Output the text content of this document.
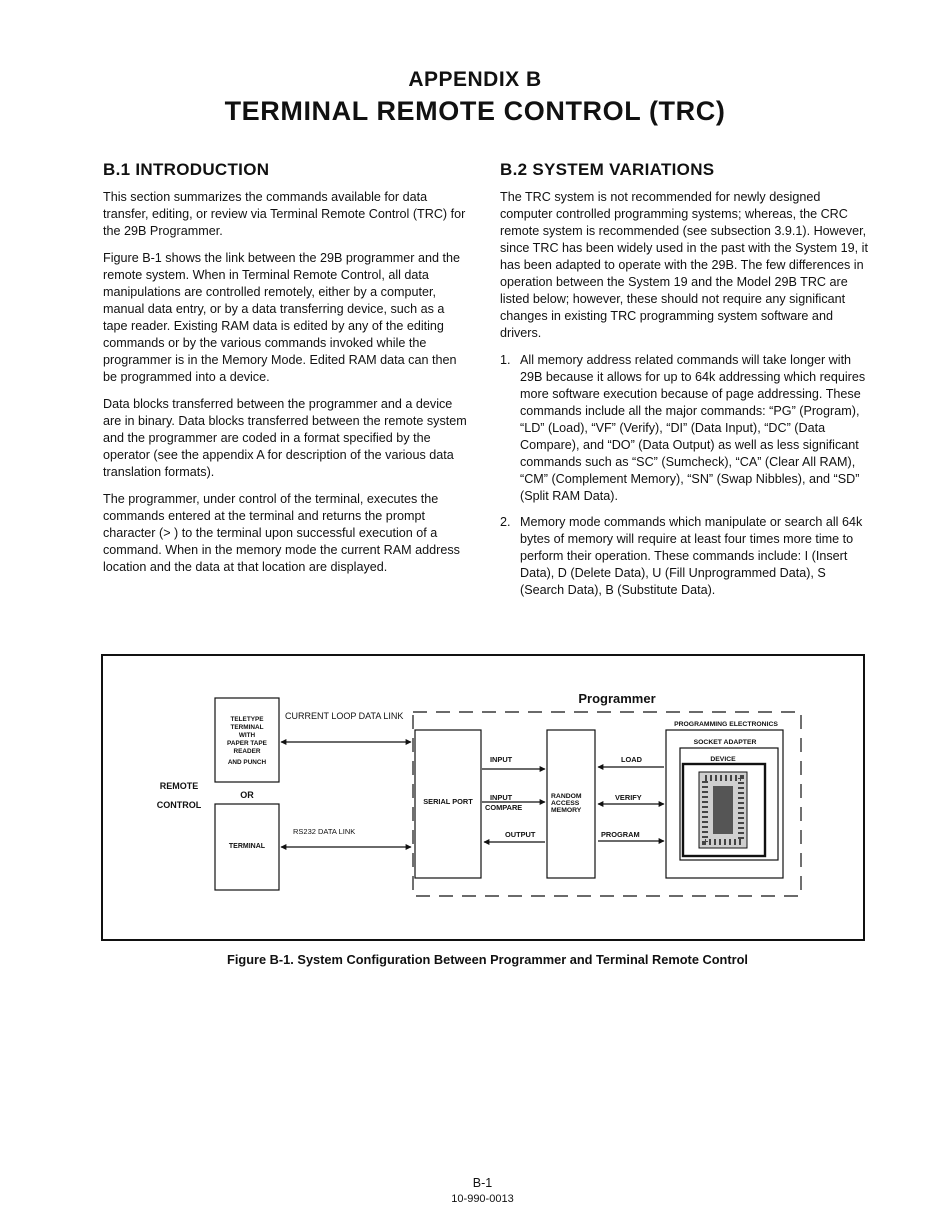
APPENDIX B
TERMINAL REMOTE CONTROL (TRC)
B.1 INTRODUCTION

This section summarizes the commands available for data transfer, editing, or review via Terminal Remote Control (TRC) for the 29B Programmer.

Figure B-1 shows the link between the 29B programmer and the remote system. When in Terminal Remote Control, all data manipulations are controlled remotely, either by a computer, manual data entry, or by a data transferring device, such as a tape reader. Existing RAM data is edited by any of the editing commands or by the various commands invoked while the programmer is in the Memory Mode. Edited RAM data can then be programmed into a device.

Data blocks transferred between the programmer and a device are in binary. Data blocks transferred between the remote system and the programmer are coded in a format specified by the operator (see the appendix A for description of the various data translation formats).

The programmer, under control of the terminal, executes the commands entered at the terminal and returns the prompt character (> ) to the terminal upon successful execution of a command. When in the memory mode the current RAM address location and the data at that location are displayed.

B.2 SYSTEM VARIATIONS

The TRC system is not recommended for newly designed computer controlled programming systems; whereas, the CRC remote system is recommended (see subsection 3.9.1). However, since TRC has been widely used in the past with the System 19, it has been adapted to operate with the 29B. The few differences in operation between the System 19 and the Model 29B TRC are listed below; however, these should not require any significant changes in existing TRC programming system software and drivers.

1. All memory address related commands will take longer with 29B because it allows for up to 64k addressing which requires more software execution because of page addressing. These commands include all the major commands: “PG” (Program), “LD” (Load), “VF” (Verify), “DI” (Data Input), “DC” (Data Compare), and “DO” (Data Output) as well as less significant commands such as “SC” (Sumcheck), “CA” (Clear All RAM), “CM” (Complement Memory), “SN” (Swap Nibbles), and “SD” (Split RAM Data).
2. Memory mode commands which manipulate or search all 64k bytes of memory will require at least four times more time to perform their operation. These commands include: I (Insert Data), D (Delete Data), U (Fill Unprogrammed Data), S (Search Data), B (Substitute Data).
Programmer
REMOTE
CONTROL
TELETYPE
TERMINAL
WITH
PAPER TAPE
READER
AND PUNCH
OR
TERMINAL
CURRENT LOOP DATA LINK
RS232 DATA LINK
SERIAL PORT
INPUT
INPUT
COMPARE
OUTPUT
RANDOM
ACCESS
MEMORY
LOAD
VERIFY
PROGRAM
PROGRAMMING ELECTRONICS
SOCKET ADAPTER
DEVICE
Figure B-1. System Configuration Between Programmer and Terminal Remote Control
B-1
10-990-0013
